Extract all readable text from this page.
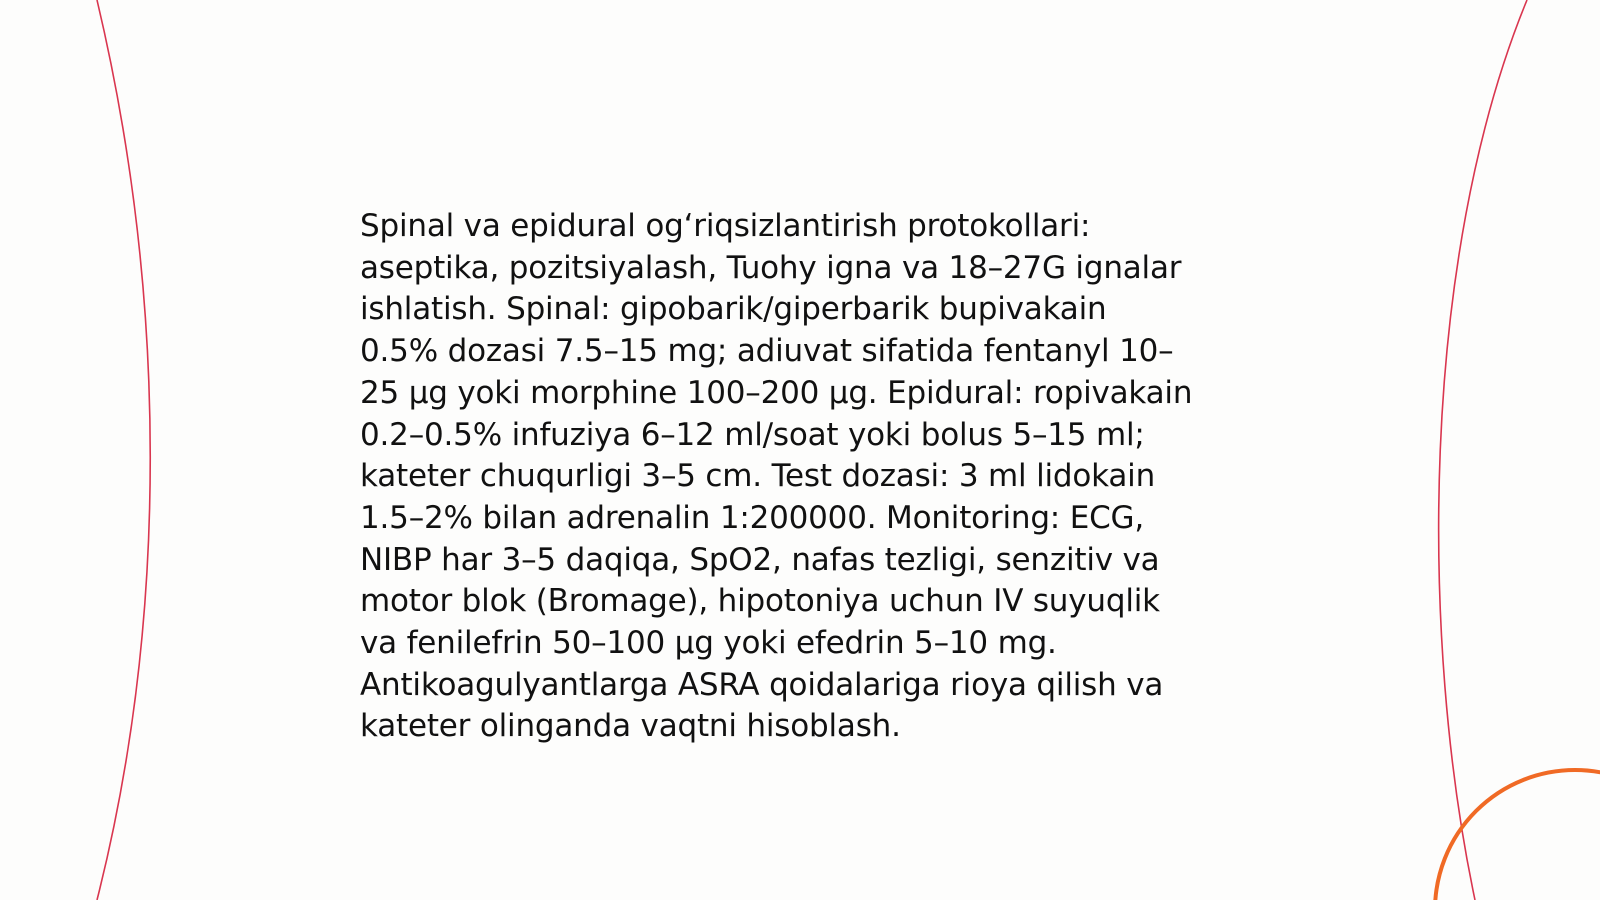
Spinal va epidural og‘riqsizlantirish protokollari:
aseptika, pozitsiyalash, Tuohy igna va 18–27G ignalar
ishlatish. Spinal: gipobarik/giperbarik bupivakain
0.5% dozasi 7.5–15 mg; adiuvat sifatida fentanyl 10–
25 μg yoki morphine 100–200 μg. Epidural: ropivakain
0.2–0.5% infuziya 6–12 ml/soat yoki bolus 5–15 ml;
kateter chuqurligi 3–5 cm. Test dozasi: 3 ml lidokain
1.5–2% bilan adrenalin 1:200000. Monitoring: ECG,
NIBP har 3–5 daqiqa, SpO2, nafas tezligi, senzitiv va
motor blok (Bromage), hipotoniya uchun IV suyuqlik
va fenilefrin 50–100 μg yoki efedrin 5–10 mg.
Antikoagulyantlarga ASRA qoidalariga rioya qilish va
kateter olinganda vaqtni hisoblash.
